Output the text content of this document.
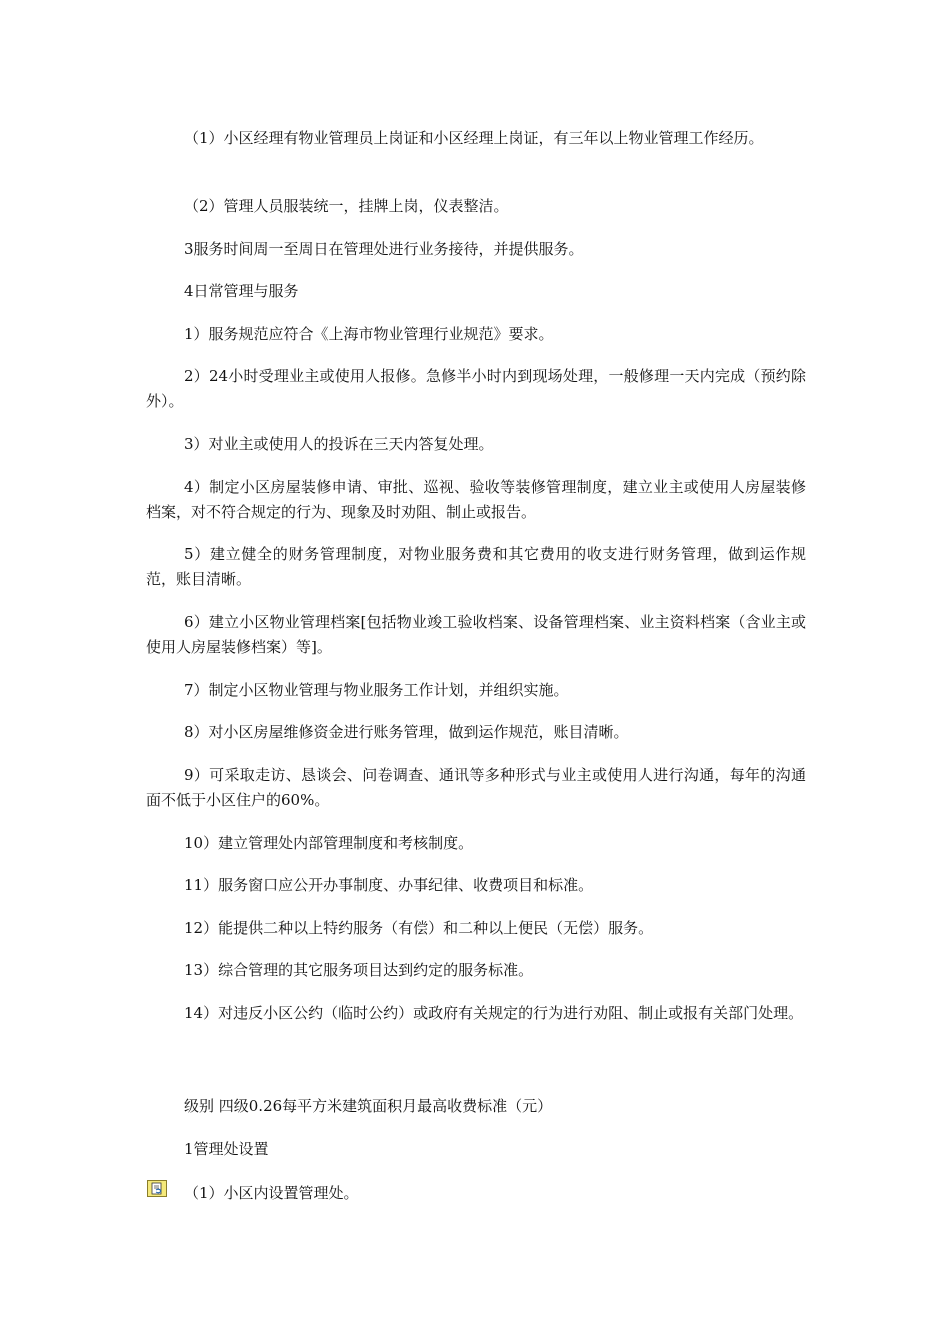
（1）小区经理有物业管理员上岗证和小区经理上岗证，有三年以上物业管理工作经历。

（2）管理人员服装统一，挂牌上岗，仪表整洁。

3服务时间周一至周日在管理处进行业务接待，并提供服务。

4日常管理与服务

1）服务规范应符合《上海市物业管理行业规范》要求。

2）24小时受理业主或使用人报修。急修半小时内到现场处理，一般修理一天内完成（预约除外）。

3）对业主或使用人的投诉在三天内答复处理。

4）制定小区房屋装修申请、审批、巡视、验收等装修管理制度，建立业主或使用人房屋装修档案，对不符合规定的行为、现象及时劝阻、制止或报告。

5）建立健全的财务管理制度，对物业服务费和其它费用的收支进行财务管理，做到运作规范，账目清晰。

6）建立小区物业管理档案[包括物业竣工验收档案、设备管理档案、业主资料档案（含业主或使用人房屋装修档案）等]。

7）制定小区物业管理与物业服务工作计划，并组织实施。

8）对小区房屋维修资金进行账务管理，做到运作规范，账目清晰。

9）可采取走访、恳谈会、问卷调查、通讯等多种形式与业主或使用人进行沟通，每年的沟通面不低于小区住户的60%。

10）建立管理处内部管理制度和考核制度。

11）服务窗口应公开办事制度、办事纪律、收费项目和标准。

12）能提供二种以上特约服务（有偿）和二种以上便民（无偿）服务。

13）综合管理的其它服务项目达到约定的服务标准。

14）对违反小区公约（临时公约）或政府有关规定的行为进行劝阻、制止或报有关部门处理。

级别 四级0.26每平方米建筑面积月最高收费标准（元）

1管理处设置

（1）小区内设置管理处。
